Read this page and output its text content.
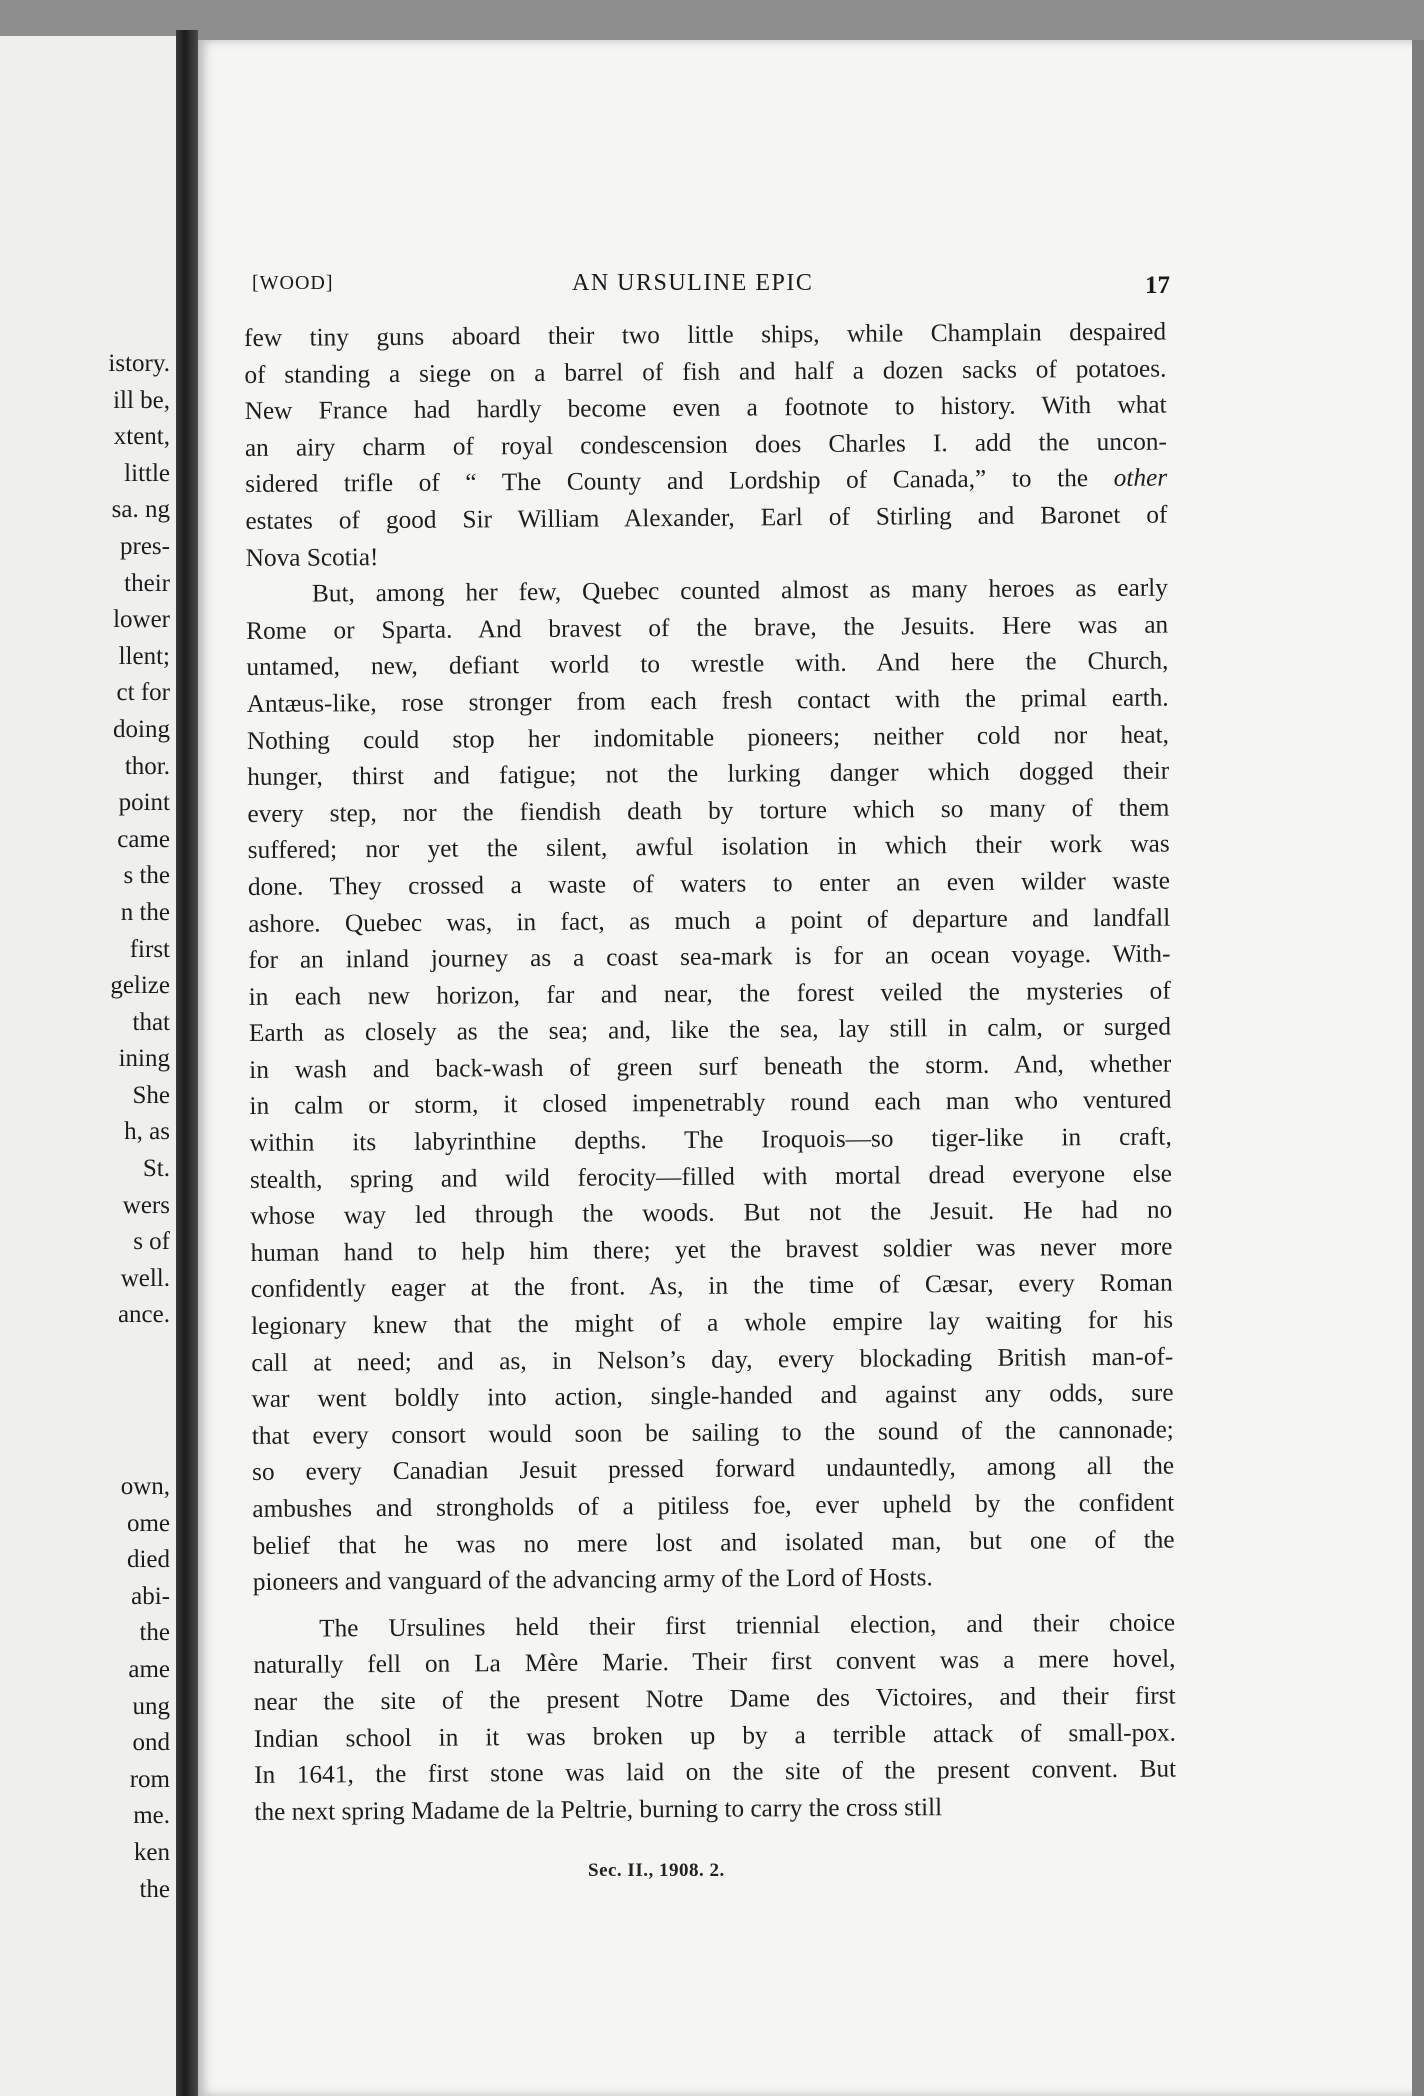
istory.
ill be,
xtent,
little
sa. ng
pres-
their
lower
llent;
ct for
doing
thor.
point
came
s the
n the
first
gelize
that
ining
She
h, as
St.
wers
s of
well.
ance.
own,
ome
died
abi-
the
ame
ung
ond
rom
me.
ken
the
[WOOD]	AN URSULINE EPIC	17
few tiny guns aboard their two little ships, while Champlain despaired
of standing a siege on a barrel of fish and half a dozen sacks of potatoes.
New France had hardly become even a footnote to history. With what
an airy charm of royal condescension does Charles I. add the uncon-
sidered trifle of “ The County and Lordship of Canada,” to the other
estates of good Sir William Alexander, Earl of Stirling and Baronet of
Nova Scotia!
But, among her few, Quebec counted almost as many heroes as early
Rome or Sparta. And bravest of the brave, the Jesuits. Here was an
untamed, new, defiant world to wrestle with. And here the Church,
Antæus-like, rose stronger from each fresh contact with the primal earth.
Nothing could stop her indomitable pioneers; neither cold nor heat,
hunger, thirst and fatigue; not the lurking danger which dogged their
every step, nor the fiendish death by torture which so many of them
suffered; nor yet the silent, awful isolation in which their work was
done. They crossed a waste of waters to enter an even wilder waste
ashore. Quebec was, in fact, as much a point of departure and landfall
for an inland journey as a coast sea-mark is for an ocean voyage. With-
in each new horizon, far and near, the forest veiled the mysteries of
Earth as closely as the sea; and, like the sea, lay still in calm, or surged
in wash and back-wash of green surf beneath the storm. And, whether
in calm or storm, it closed impenetrably round each man who ventured
within its labyrinthine depths. The Iroquois—so tiger-like in craft,
stealth, spring and wild ferocity—filled with mortal dread everyone else
whose way led through the woods. But not the Jesuit. He had no
human hand to help him there; yet the bravest soldier was never more
confidently eager at the front. As, in the time of Cæsar, every Roman
legionary knew that the might of a whole empire lay waiting for his
call at need; and as, in Nelson’s day, every blockading British man-of-
war went boldly into action, single-handed and against any odds, sure
that every consort would soon be sailing to the sound of the cannonade;
so every Canadian Jesuit pressed forward undauntedly, among all the
ambushes and strongholds of a pitiless foe, ever upheld by the confident
belief that he was no mere lost and isolated man, but one of the
pioneers and vanguard of the advancing army of the Lord of Hosts.
The Ursulines held their first triennial election, and their choice
naturally fell on La Mère Marie. Their first convent was a mere hovel,
near the site of the present Notre Dame des Victoires, and their first
Indian school in it was broken up by a terrible attack of small-pox.
In 1641, the first stone was laid on the site of the present convent. But
the next spring Madame de la Peltrie, burning to carry the cross still
Sec. II., 1908. 2.
